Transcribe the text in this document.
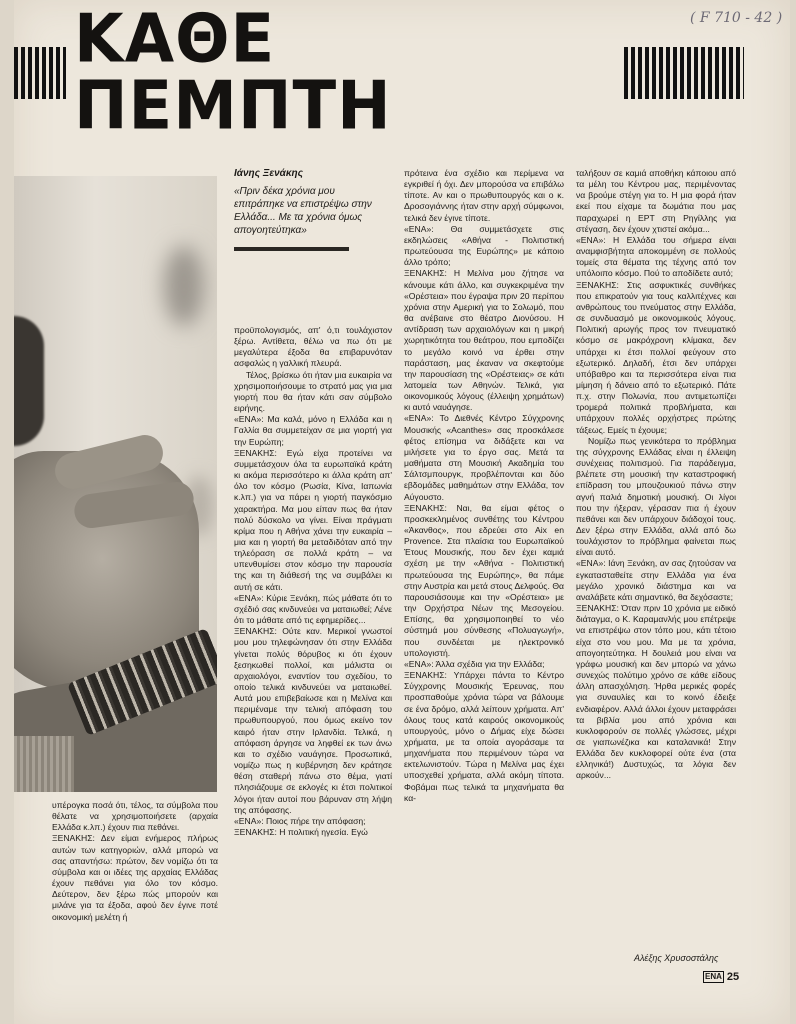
( F 710 - 42 )
ΚΑΘΕ ΠΕΜΠΤΗ
Ιάνης Ξενάκης
«Πριν δέκα χρόνια μου επιτράπηκε να επιστρέψω στην Ελλάδα... Με τα χρόνια όμως απογοητεύτηκα»

υπέρογκα ποσά ότι, τέλος, τα σύμβολα που θέλατε να χρησιμοποιήσετε (αρχαία Ελλάδα κ.λπ.) έχουν πια πεθάνει.

ΞΕΝΑΚΗΣ: Δεν είμαι ενήμερος πλήρως αυτών των κατηγοριών, αλλά μπορώ να σας απαντήσω: πρώτον, δεν νομίζω ότι τα σύμβολα και οι ιδέες της αρχαίας Ελλάδας έχουν πεθάνει για όλο τον κόσμο. Δεύτερον, δεν ξέρω πώς μπορούν και μιλάνε για τα έξοδα, αφού δεν έγινε ποτέ οικονομική μελέτη ή

προϋπολογισμός, απ' ό,τι τουλάχιστον ξέρω. Αντίθετα, θέλω να πω ότι με μεγαλύτερα έξοδα θα επιβαρυνόταν ασφαλώς η γαλλική πλευρά.

Τέλος, βρίσκω ότι ήταν μια ευκαιρία να χρησιμοποιήσουμε το στρατό μας για μια γιορτή που θα ήταν κάτι σαν σύμβολο ειρήνης.

«ΕΝΑ»: Μα καλά, μόνο η Ελλάδα και η Γαλλία θα συμμετείχαν σε μια γιορτή για την Ευρώπη;

ΞΕΝΑΚΗΣ: Εγώ είχα προτείνει να συμμετάσχουν όλα τα ευρωπαϊκά κράτη κι ακόμα περισσότερο κι άλλα κράτη απ' όλο τον κόσμο (Ρωσία, Κίνα, Ιαπωνία κ.λπ.) για να πάρει η γιορτή παγκόσμιο χαρακτήρα. Μα μου είπαν πως θα ήταν πολύ δύσκολο να γίνει. Είναι πράγματι κρίμα που η Αθήνα χάνει την ευκαιρία – μια και η γιορτή θα μεταδιδόταν από την τηλεόραση σε πολλά κράτη – να υπενθυμίσει στον κόσμο την παρουσία της και τη διάθεσή της να συμβάλει κι αυτή σε κάτι.

«ΕΝΑ»: Κύριε Ξενάκη, πώς μάθατε ότι το σχέδιό σας κινδυνεύει να ματαιωθεί; Λένε ότι το μάθατε από τις εφημερίδες...

ΞΕΝΑΚΗΣ: Ούτε καν. Μερικοί γνωστοί μου μου τηλεφώνησαν ότι στην Ελλάδα γίνεται πολύς θόρυβος κι ότι έχουν ξεσηκωθεί πολλοί, και μάλιστα οι αρχαιολόγοι, εναντίον του σχεδίου, το οποίο τελικά κινδυνεύει να ματαιωθεί. Αυτά μου επιβεβαίωσε και η Μελίνα και περιμέναμε την τελική απόφαση του πρωθυπουργού, που όμως εκείνο τον καιρό ήταν στην Ιρλανδία. Τελικά, η απόφαση άργησε να ληφθεί εκ των άνω και το σχέδιο ναυάγησε. Προσωπικά, νομίζω πως η κυβέρνηση δεν κράτησε θέση σταθερή πάνω στο θέμα, γιατί πλησιάζουμε σε εκλογές κι έτσι πολιτικοί λόγοι ήταν αυτοί που βάρυναν στη λήψη της απόφασης.

«ΕΝΑ»: Ποιος πήρε την απόφαση;

ΞΕΝΑΚΗΣ: Η πολιτική ηγεσία. Εγώ

πρότεινα ένα σχέδιο και περίμενα να εγκριθεί ή όχι. Δεν μπορούσα να επιβάλω τίποτε. Αν και ο πρωθυπουργός και ο κ. Δροσογιάννης ήταν στην αρχή σύμφωνοι, τελικά δεν έγινε τίποτε.

«ΕΝΑ»: Θα συμμετάσχετε στις εκδηλώσεις «Αθήνα - Πολιτιστική πρωτεύουσα της Ευρώπης» με κάποιο άλλο τρόπο;

ΞΕΝΑΚΗΣ: Η Μελίνα μου ζήτησε να κάνουμε κάτι άλλο, και συγκεκριμένα την «Ορέστεια» που έγραψα πριν 20 περίπου χρόνια στην Αμερική για το Σολωμό, που θα ανέβαινε στο θέατρο Διονύσου. Η αντίδραση των αρχαιολόγων και η μικρή χωρητικότητα του θεάτρου, που εμποδίζει το μεγάλο κοινό να έρθει στην παράσταση, μας έκαναν να σκεφτούμε την παρουσίαση της «Ορέστειας» σε κάτι λατομεία των Αθηνών. Τελικά, για οικονομικούς λόγους (έλλειψη χρημάτων) κι αυτό ναυάγησε.

«ΕΝΑ»: Το Διεθνές Κέντρο Σύγχρονης Μουσικής «Acanthes» σας προσκάλεσε φέτος επίσημα να διδάξετε και να μιλήσετε για το έργο σας. Μετά τα μαθήματα στη Μουσική Ακαδημία του Σάλτσμπουργκ, προβλέπονται και δύο εβδομάδες μαθημάτων στην Ελλάδα, τον Αύγουστο.

ΞΕΝΑΚΗΣ: Ναι, θα είμαι φέτος ο προσκεκλημένος συνθέτης του Κέντρου «Άκανθος», που εδρεύει στο Aix en Provence. Στα πλαίσια του Ευρωπαϊκού Έτους Μουσικής, που δεν έχει καμιά σχέση με την «Αθήνα - Πολιτιστική πρωτεύουσα της Ευρώπης», θα πάμε στην Αυστρία και μετά στους Δελφούς. Θα παρουσιάσουμε και την «Ορέστεια» με την Ορχήστρα Νέων της Μεσογείου. Επίσης, θα χρησιμοποιηθεί το νέο σύστημά μου σύνθεσης «Πολυαγωγή», που συνδέεται με ηλεκτρονικό υπολογιστή.

«ΕΝΑ»: Άλλα σχέδια για την Ελλάδα;

ΞΕΝΑΚΗΣ: Υπάρχει πάντα το Κέντρο Σύγχρονης Μουσικής Έρευνας, που προσπαθούμε χρόνια τώρα να βάλουμε σε ένα δρόμο, αλλά λείπουν χρήματα. Απ' όλους τους κατά καιρούς οικονομικούς υπουργούς, μόνο ο Δήμας είχε δώσει χρήματα, με τα οποία αγοράσαμε τα μηχανήματα που περιμένουν τώρα να εκτελωνιστούν. Τώρα η Μελίνα μας έχει υποσχεθεί χρήματα, αλλά ακόμη τίποτα. Φοβάμαι πως τελικά τα μηχανήματα θα κα-

ταλήξουν σε καμιά αποθήκη κάποιου από τα μέλη του Κέντρου μας, περιμένοντας να βρούμε στέγη για το. Η μια φορά ήταν εκεί που είχαμε τα δωμάτια που μας παραχωρεί η ΕΡΤ στη Ρηγίλλης για στέγαση, δεν έχουν χτιστεί ακόμα...

«ΕΝΑ»: Η Ελλάδα του σήμερα είναι αναμφισβήτητα αποκομμένη σε πολλούς τομείς στα θέματα της τέχνης από τον υπόλοιπο κόσμο. Πού το αποδίδετε αυτό;

ΞΕΝΑΚΗΣ: Στις ασφυκτικές συνθήκες που επικρατούν για τους καλλιτέχνες και ανθρώπους του πνεύματος στην Ελλάδα, σε συνδυασμό με οικονομικούς λόγους. Πολιτική αρωγής προς τον πνευματικό κόσμο σε μακρόχρονη κλίμακα, δεν υπάρχει κι έτσι πολλοί φεύγουν στο εξωτερικό. Δηλαδή, έτσι δεν υπάρχει υπόβαθρο και τα περισσότερα είναι πια μίμηση ή δάνειο από το εξωτερικό. Πάτε π.χ. στην Πολωνία, που αντιμετωπίζει τρομερά πολιτικά προβλήματα, και υπάρχουν πολλές ορχήστρες πρώτης τάξεως. Εμείς τι έχουμε;

Νομίζω πως γενικότερα το πρόβλημα της σύγχρονης Ελλάδας είναι η έλλειψη συνέχειας πολιτισμού. Για παράδειγμα, βλέπετε στη μουσική την καταστροφική επίδραση του μπουζουκιού πάνω στην αγνή παλιά δημοτική μουσική. Οι λίγοι που την ήξεραν, γέρασαν πια ή έχουν πεθάνει και δεν υπάρχουν διάδοχοί τους. Δεν ξέρω στην Ελλάδα, αλλά από δω τουλάχιστον το πρόβλημα φαίνεται πως είναι αυτό.

«ΕΝΑ»: Ιάνη Ξενάκη, αν σας ζητούσαν να εγκατασταθείτε στην Ελλάδα για ένα μεγάλο χρονικό διάστημα και να αναλάβετε κάτι σημαντικό, θα δεχόσαστε;

ΞΕΝΑΚΗΣ: Όταν πριν 10 χρόνια με ειδικό διάταγμα, ο Κ. Καραμανλής μου επέτρεψε να επιστρέψω στον τόπο μου, κάτι τέτοιο είχα στο νου μου. Μα με τα χρόνια, απογοητεύτηκα. Η δουλειά μου είναι να γράφω μουσική και δεν μπορώ να χάνω συνεχώς πολύτιμο χρόνο σε κάθε είδους άλλη απασχόληση. Ήρθα μερικές φορές για συναυλίες και το κοινό έδειξε ενδιαφέρον. Αλλά άλλοι έχουν μεταφράσει τα βιβλία μου από χρόνια και κυκλοφορούν σε πολλές γλώσσες, μέχρι σε γιαπωνέζικα και καταλανικά! Στην Ελλάδα δεν κυκλοφορεί ούτε ένα (στα ελληνικά!) Δυστυχώς, τα λόγια δεν αρκούν...

Αλέξης Χρυσοστάλης
ΕΝΑ 25
